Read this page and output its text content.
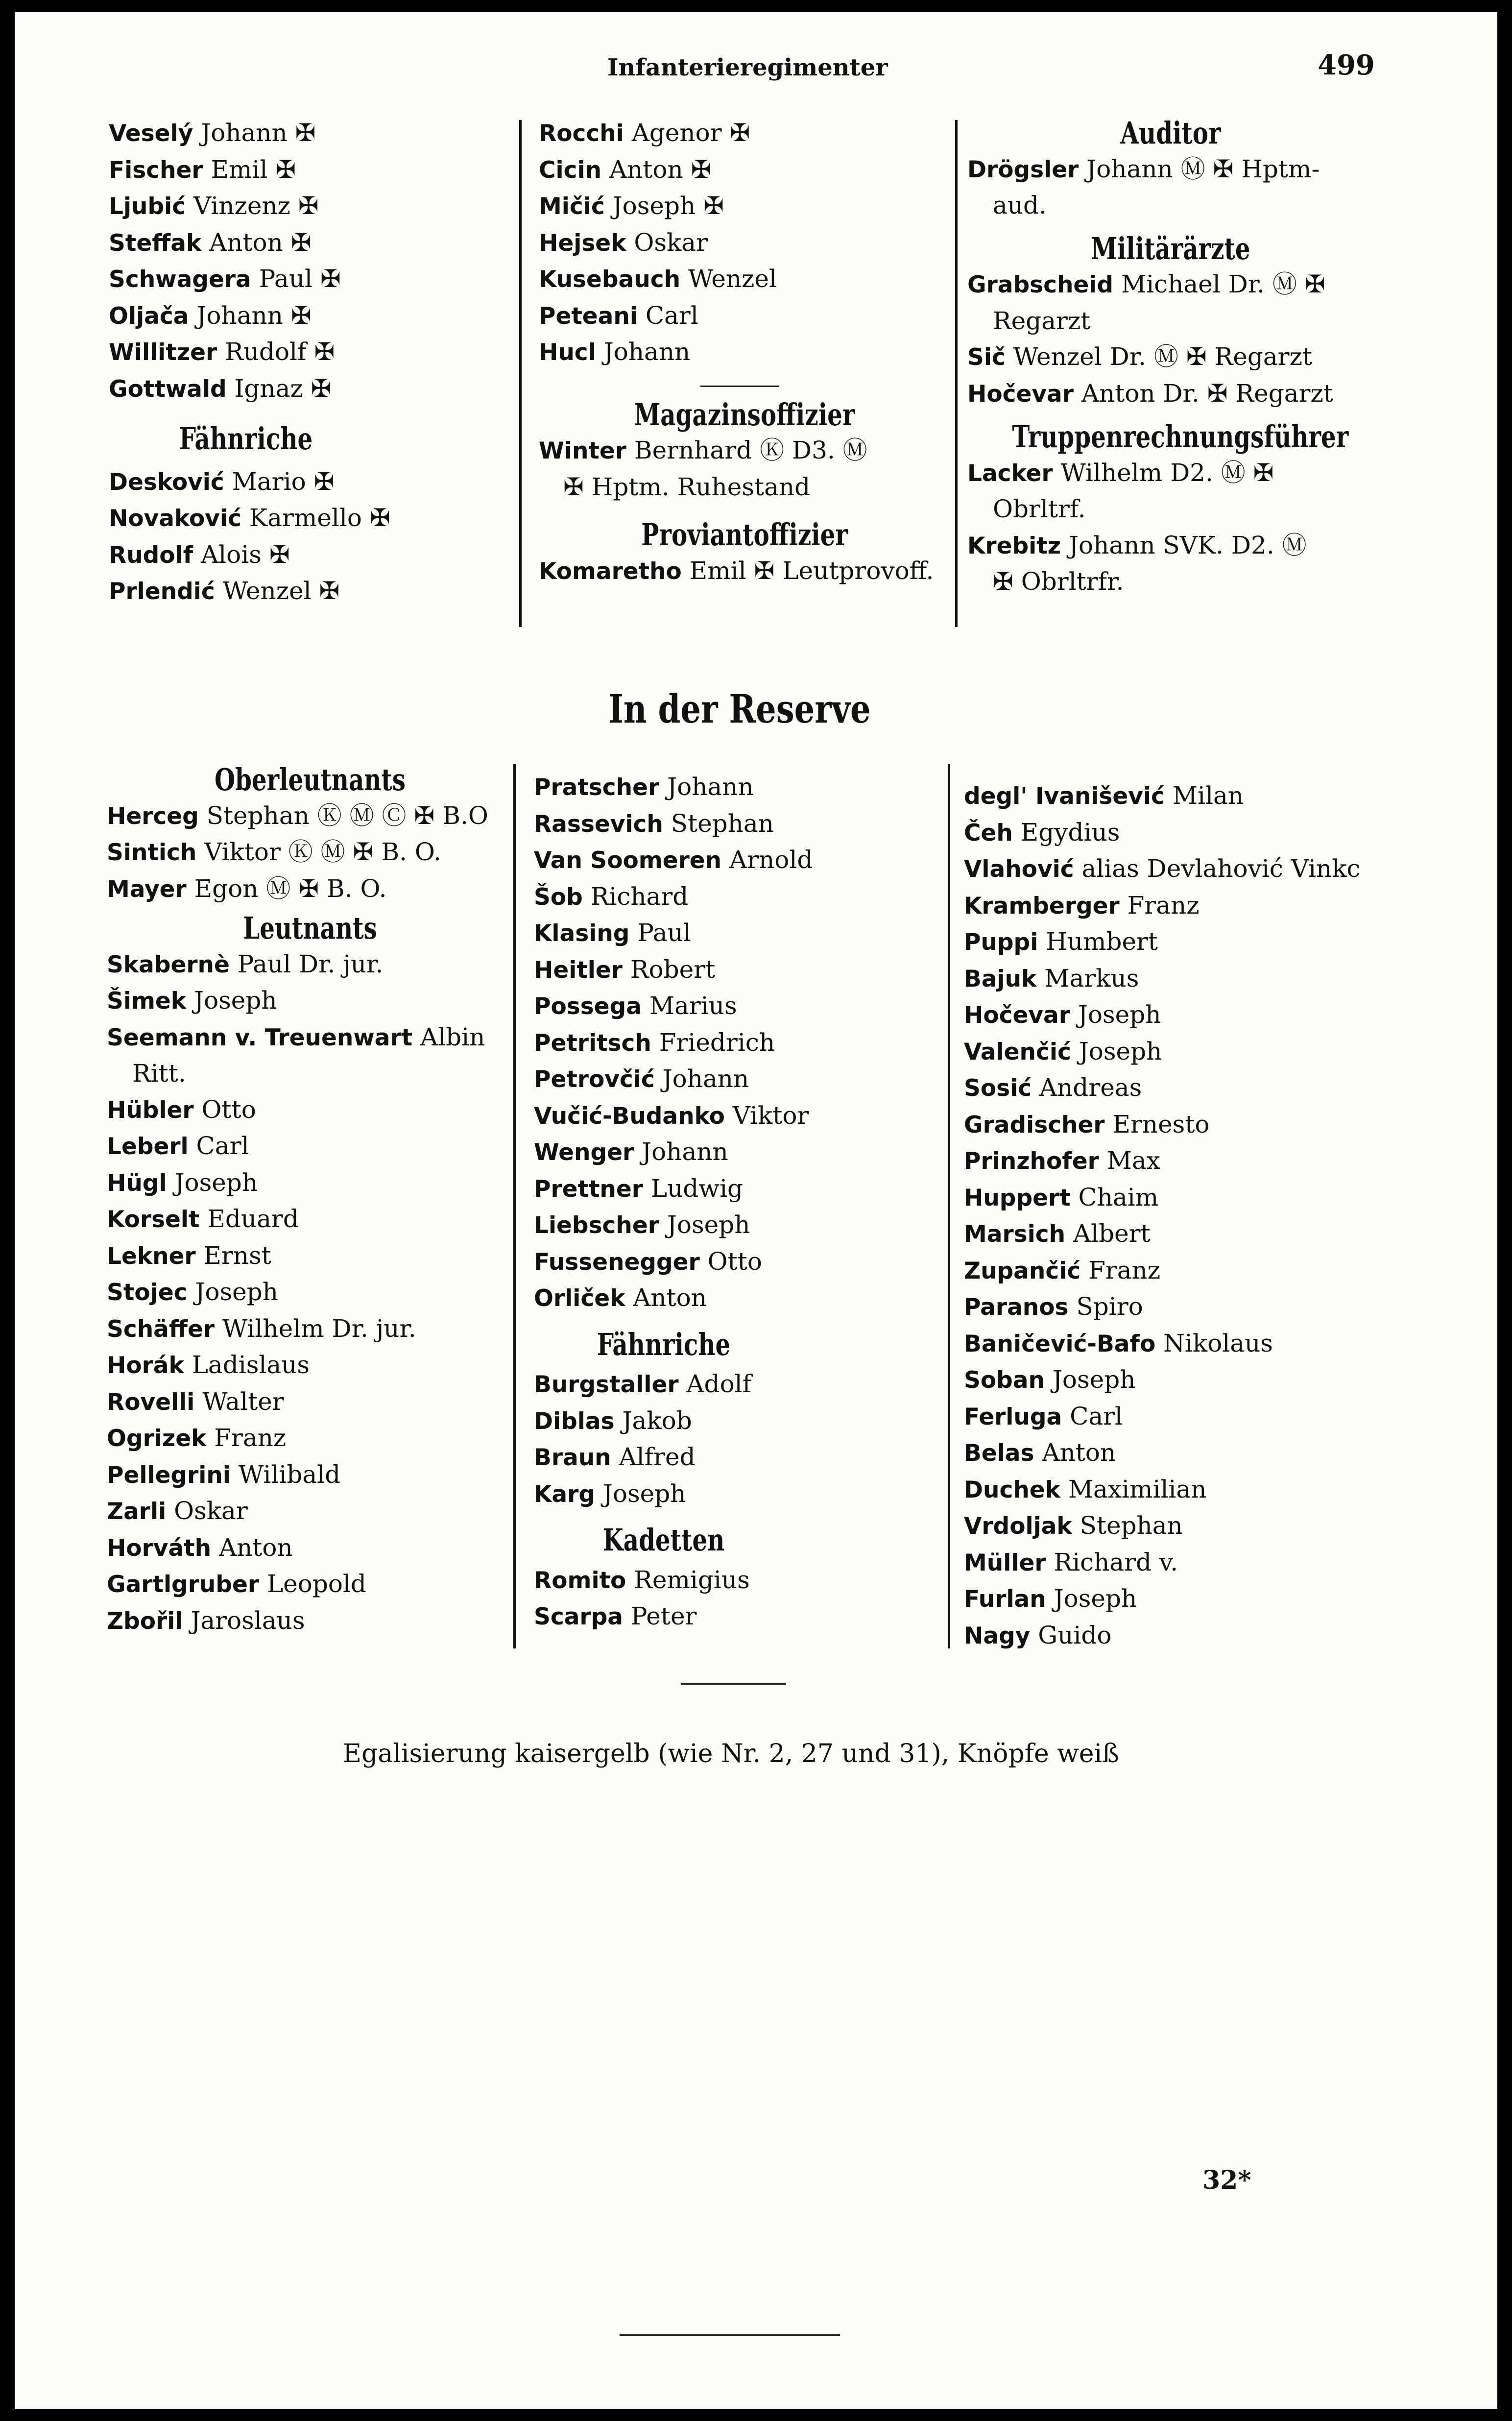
Infanterieregimenter	499
Veselý Johann ✠
Fischer Emil ✠
Ljubić Vinzenz ✠
Steffak Anton ✠
Schwagera Paul ✠
Oljača Johann ✠
Willitzer Rudolf ✠
Gottwald Ignaz ✠
Fähnriche
Desković Mario ✠
Novaković Karmello ✠
Rudolf Alois ✠
Prlendić Wenzel ✠
Rocchi Agenor ✠
Cicin Anton ✠
Mičić Joseph ✠
Hejsek Oskar
Kusebauch Wenzel
Peteani Carl
Hucl Johann
Magazinsoffizier
Winter Bernhard Ⓚ D3. Ⓜ
✠ Hptm. Ruhestand
Proviantoffizier
Komaretho Emil ✠ Leutprovoff.
Auditor
Drögsler Johann Ⓜ ✠ Hptm-
aud.
Militärärzte
Grabscheid Michael Dr. Ⓜ ✠
Regarzt
Sič Wenzel Dr. Ⓜ ✠ Regarzt
Hočevar Anton Dr. ✠ Regarzt
Truppenrechnungsführer
Lacker Wilhelm D2. Ⓜ ✠
Obrltrf.
Krebitz Johann SVK. D2. Ⓜ
✠ Obrltrfr.
In der Reserve
Oberleutnants
Herceg Stephan Ⓚ Ⓜ Ⓒ ✠ B.O
Sintich Viktor Ⓚ Ⓜ ✠ B. O.
Mayer Egon Ⓜ ✠ B. O.
Leutnants
Skabernè Paul Dr. jur.
Šimek Joseph
Seemann v. Treuenwart Albin
Ritt.
Hübler Otto
Leberl Carl
Hügl Joseph
Korselt Eduard
Lekner Ernst
Stojec Joseph
Schäffer Wilhelm Dr. jur.
Horák Ladislaus
Rovelli Walter
Ogrizek Franz
Pellegrini Wilibald
Zarli Oskar
Horváth Anton
Gartlgruber Leopold
Zbořil Jaroslaus
Pratscher Johann
Rassevich Stephan
Van Soomeren Arnold
Šob Richard
Klasing Paul
Heitler Robert
Possega Marius
Petritsch Friedrich
Petrovčić Johann
Vučić-Budanko Viktor
Wenger Johann
Prettner Ludwig
Liebscher Joseph
Fussenegger Otto
Orliček Anton
Fähnriche
Burgstaller Adolf
Diblas Jakob
Braun Alfred
Karg Joseph
Kadetten
Romito Remigius
Scarpa Peter
degl' Ivanišević Milan
Čeh Egydius
Vlahović alias Devlahović Vinkc
Kramberger Franz
Puppi Humbert
Bajuk Markus
Hočevar Joseph
Valenčić Joseph
Sosić Andreas
Gradischer Ernesto
Prinzhofer Max
Huppert Chaim
Marsich Albert
Zupančić Franz
Paranos Spiro
Baničević-Bafo Nikolaus
Soban Joseph
Ferluga Carl
Belas Anton
Duchek Maximilian
Vrdoljak Stephan
Müller Richard v.
Furlan Joseph
Nagy Guido
Egalisierung kaisergelb (wie Nr. 2, 27 und 31), Knöpfe weiß
32*
